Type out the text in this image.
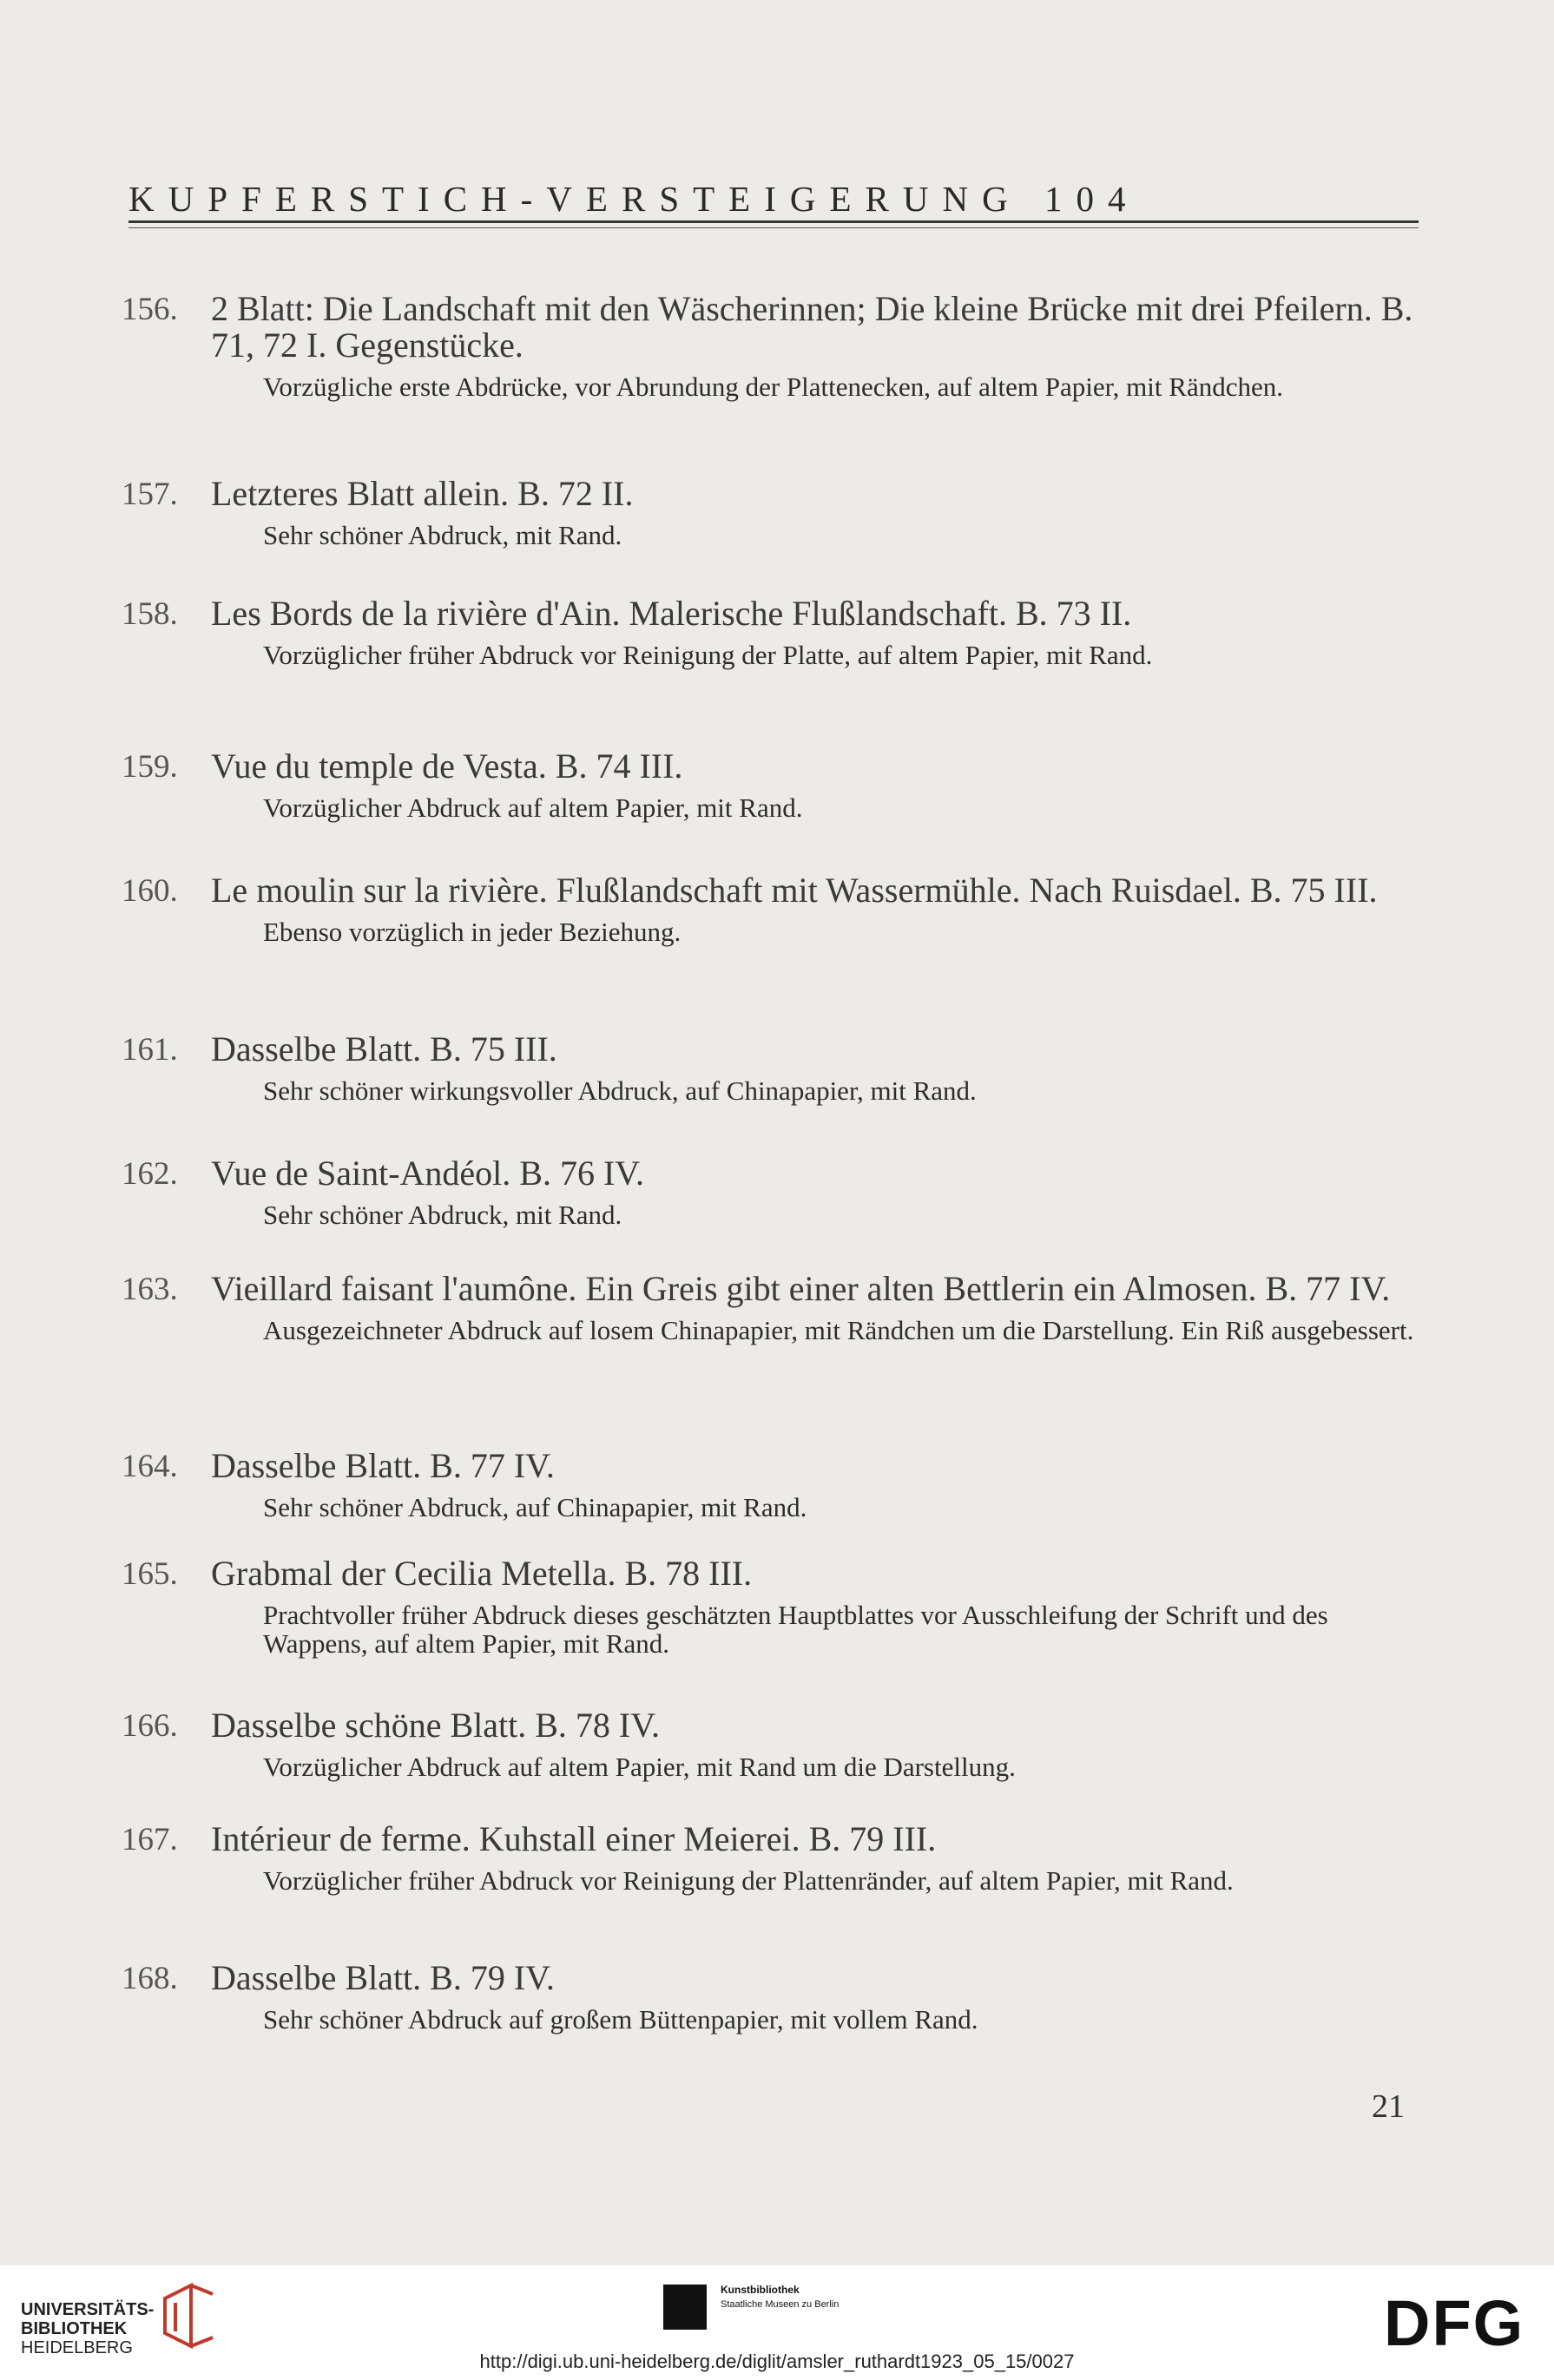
KUPFERSTICH-VERSTEIGERUNG 104
156. 2 Blatt: Die Landschaft mit den Wäscherinnen; Die kleine Brücke mit drei Pfeilern. B. 71, 72 I. Gegenstücke.
Vorzügliche erste Abdrücke, vor Abrundung der Plattenecken, auf altem Papier, mit Rändchen.
157. Letzteres Blatt allein. B. 72 II.
Sehr schöner Abdruck, mit Rand.
158. Les Bords de la rivière d'Ain. Malerische Flußlandschaft. B. 73 II.
Vorzüglicher früher Abdruck vor Reinigung der Platte, auf altem Papier, mit Rand.
159. Vue du temple de Vesta. B. 74 III.
Vorzüglicher Abdruck auf altem Papier, mit Rand.
160. Le moulin sur la rivière. Flußlandschaft mit Wassermühle. Nach Ruisdael. B. 75 III.
Ebenso vorzüglich in jeder Beziehung.
161. Dasselbe Blatt. B. 75 III.
Sehr schöner wirkungsvoller Abdruck, auf Chinapapier, mit Rand.
162. Vue de Saint-Andéol. B. 76 IV.
Sehr schöner Abdruck, mit Rand.
163. Vieillard faisant l'aumône. Ein Greis gibt einer alten Bettlerin ein Almosen. B. 77 IV.
Ausgezeichneter Abdruck auf losem Chinapapier, mit Rändchen um die Darstellung. Ein Riß ausgebessert.
164. Dasselbe Blatt. B. 77 IV.
Sehr schöner Abdruck, auf Chinapapier, mit Rand.
165. Grabmal der Cecilia Metella. B. 78 III.
Prachtvoller früher Abdruck dieses geschätzten Hauptblattes vor Ausschleifung der Schrift und des Wappens, auf altem Papier, mit Rand.
166. Dasselbe schöne Blatt. B. 78 IV.
Vorzüglicher Abdruck auf altem Papier, mit Rand um die Darstellung.
167. Intérieur de ferme. Kuhstall einer Meierei. B. 79 III.
Vorzüglicher früher Abdruck vor Reinigung der Plattenränder, auf altem Papier, mit Rand.
168. Dasselbe Blatt. B. 79 IV.
Sehr schöner Abdruck auf großem Büttenpapier, mit vollem Rand.
21
UNIVERSITÄTS-
BIBLIOTHEK
HEIDELBERG
Kunstbibliothek
Staatliche Museen zu Berlin	DFG
http://digi.ub.uni-heidelberg.de/diglit/amsler_ruthardt1923_05_15/0027
